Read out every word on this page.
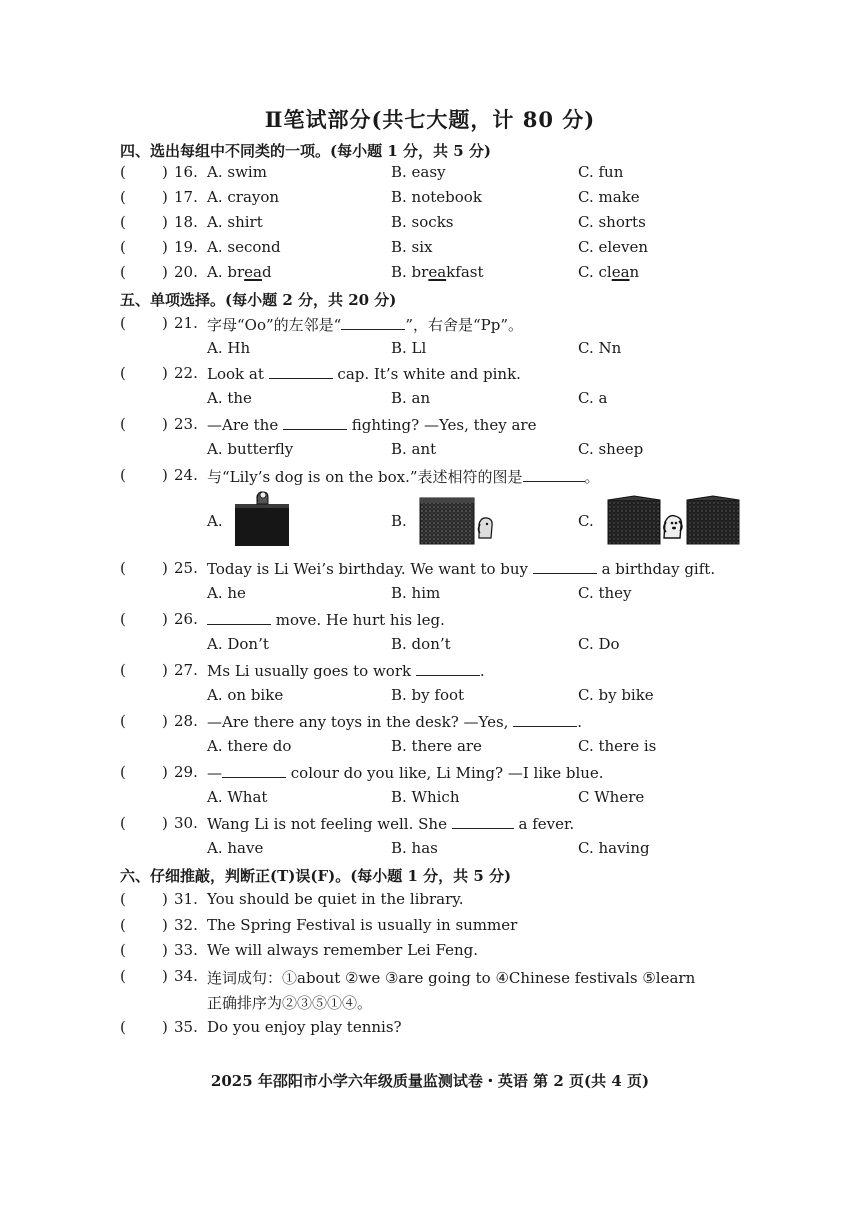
Ⅱ笔试部分(共七大题，计 80 分)
四、选出每组中不同类的一项。(每小题 1 分，共 5 分)
( ) 16. A. swim	B. easy	C. fun
( ) 17. A. crayon	B. notebook	C. make
( ) 18. A. shirt	B. socks	C. shorts
( ) 19. A. second	B. six	C. eleven
( ) 20. A. bread	B. breakfast	C. clean
五、单项选择。(每小题 2 分，共 20 分)
( ) 21. 字母“Oo”的左邻是“	”，右舍是“Pp”。
A. Hh	B. Ll	C. Nn
( ) 22. Look at	cap. It’s white and pink.
A. the	B. an	C. a
( ) 23. —Are the	fighting? —Yes, they are
A. butterfly	B. ant	C. sheep
( ) 24. 与“Lily’s dog is on the box.”表述相符的图是	。
A.	B.	C.
( ) 25. Today is Li Wei’s birthday. We want to buy	a birthday gift.
A. he	B. him	C. they
( ) 26.	move. He hurt his leg.
A. Don’t	B. don’t	C. Do
( ) 27. Ms Li usually goes to work	.
A. on bike	B. by foot	C. by bike
( ) 28. —Are there any toys in the desk? —Yes,	.
A. there do	B. there are	C. there is
( ) 29. —	colour do you like, Li Ming? —I like blue.
A. What	B. Which	C Where
( ) 30. Wang Li is not feeling well. She	a fever.
A. have	B. has	C. having
六、仔细推敲，判断正(T)误(F)。(每小题 1 分，共 5 分)
( ) 31. You should be quiet in the library.
( ) 32. The Spring Festival is usually in summer
( ) 33. We will always remember Lei Feng.
( ) 34. 连词成句：①about ②we ③are going to ④Chinese festivals ⑤learn
正确排序为②③⑤①④。
( ) 35. Do you enjoy play tennis?
2025 年邵阳市小学六年级质量监测试卷・英语 第 2 页(共 4 页)
